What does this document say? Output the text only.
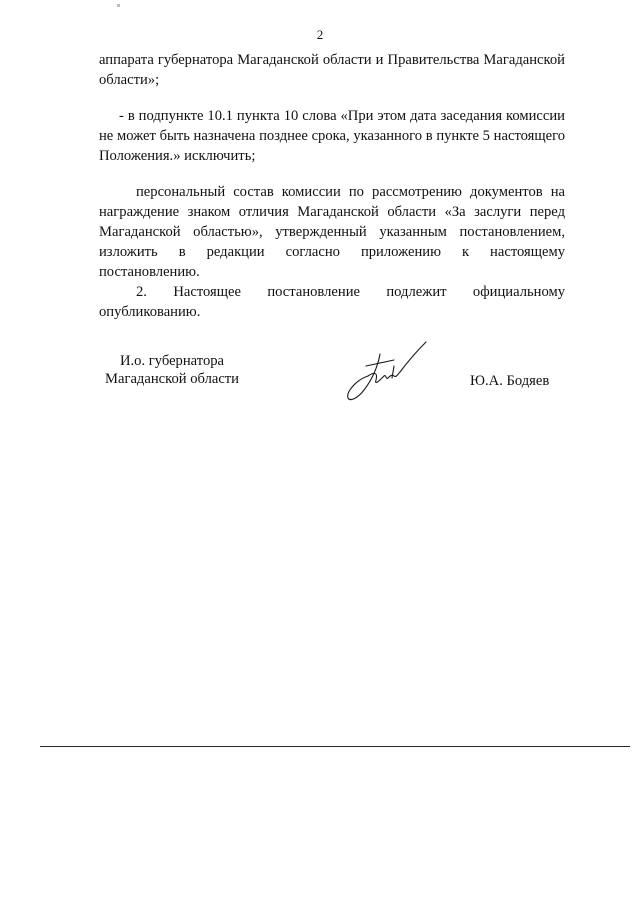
2

аппарата губернатора Магаданской области и Правительства Магаданской области»;

- в подпункте 10.1 пункта 10 слова «При этом дата заседания комиссии не может быть назначена позднее срока, указанного в пункте 5 настоящего Положения.» исключить;

персональный состав комиссии по рассмотрению документов на награждение знаком отличия Магаданской области «За заслуги перед Магаданской областью», утвержденный указанным постановлением, изложить в редакции согласно приложению к настоящему постановлению.

2. Настоящее постановление подлежит официальному опубликованию.

И.о. губернатора
Магаданской области	Ю.А. Бодяев
